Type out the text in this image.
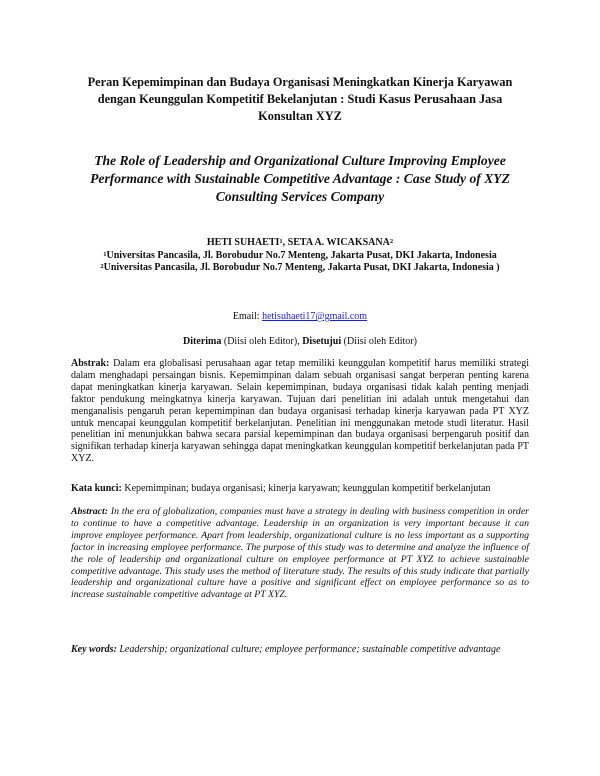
Peran Kepemimpinan dan Budaya Organisasi Meningkatkan Kinerja Karyawan dengan Keunggulan Kompetitif Bekelanjutan : Studi Kasus Perusahaan Jasa Konsultan XYZ
The Role of Leadership and Organizational Culture Improving Employee Performance with Sustainable Competitive Advantage : Case Study of XYZ Consulting Services Company
HETI SUHAETI$^1$, SETA A. WICAKSANA$^2$
$^1$Universitas Pancasila, Jl. Borobudur No.7 Menteng, Jakarta Pusat, DKI Jakarta, Indonesia
$^2$Universitas Pancasila, Jl. Borobudur No.7 Menteng, Jakarta Pusat, DKI Jakarta, Indonesia )
Email: hetisuhaeti17@gmail.com
Diterima (Diisi oleh Editor), Disetujui (Diisi oleh Editor)

Abstrak: Dalam era globalisasi perusahaan agar tetap memiliki keunggulan kompetitif harus memiliki strategi dalam menghadapi persaingan bisnis. Kepemimpinan dalam sebuah organisasi sangat berperan penting karena dapat meningkatkan kinerja karyawan. Selain kepemimpinan, budaya organisasi tidak kalah penting menjadi faktor pendukung meingkatnya kinerja karyawan. Tujuan dari penelitian ini adalah untuk mengetahui dan menganalisis pengaruh peran kepemimpinan dan budaya organisasi terhadap kinerja karyawan pada PT XYZ untuk mencapai keunggulan kompetitif berkelanjutan. Penelitian ini menggunakan metode studi literatur. Hasil penelitian ini menunjukkan bahwa secara parsial kepemimpinan dan budaya organisasi berpengaruh positif dan signifikan terhadap kinerja karyawan sehingga dapat meningkatkan keunggulan kompetitif berkelanjutan pada PT XYZ.

Kata kunci: Kepemimpinan; budaya organisasi; kinerja karyawan; keunggulan kompetitif berkelanjutan

Abstract: In the era of globalization, companies must have a strategy in dealing with business competition in order to continue to have a competitive advantage. Leadership in an organization is very important because it can improve employee performance. Apart from leadership, organizational culture is no less important as a supporting factor in increasing employee performance. The purpose of this study was to determine and analyze the influence of the role of leadership and organizational culture on employee performance at PT XYZ to achieve sustainable competitive advantage. This study uses the method of literature study. The results of this study indicate that partially leadership and organizational culture have a positive and significant effect on employee performance so as to increase sustainable competitive advantage at PT XYZ.

Key words: Leadership; organizational culture; employee performance; sustainable competitive advantage
